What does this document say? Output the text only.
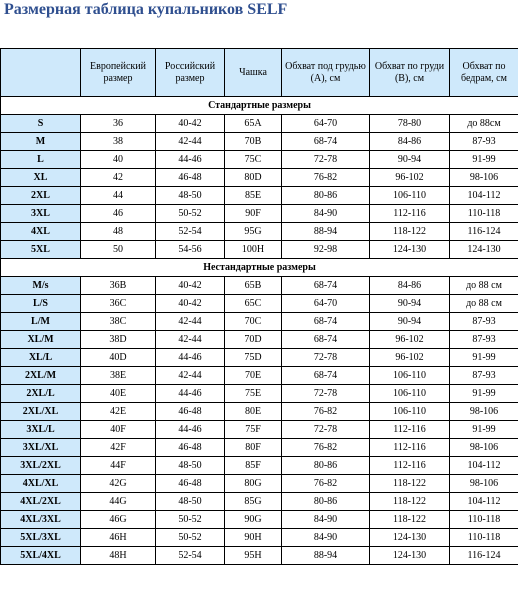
Размерная таблица купальников SELF
	Европейский размер	Российский размер	Чашка	Обхват под грудью (A), см	Обхват по груди (B), см	Обхват по бедрам, см
Стандартные размеры						
S	36	40-42	65A	64-70	78-80	до 88см
M	38	42-44	70B	68-74	84-86	87-93
L	40	44-46	75C	72-78	90-94	91-99
XL	42	46-48	80D	76-82	96-102	98-106
2XL	44	48-50	85E	80-86	106-110	104-112
3XL	46	50-52	90F	84-90	112-116	110-118
4XL	48	52-54	95G	88-94	118-122	116-124
5XL	50	54-56	100H	92-98	124-130	124-130
Нестандартные размеры						
M/s	36B	40-42	65B	68-74	84-86	до 88 см
L/S	36C	40-42	65C	64-70	90-94	до 88 см
L/M	38C	42-44	70C	68-74	90-94	87-93
XL/M	38D	42-44	70D	68-74	96-102	87-93
XL/L	40D	44-46	75D	72-78	96-102	91-99
2XL/M	38E	42-44	70E	68-74	106-110	87-93
2XL/L	40E	44-46	75E	72-78	106-110	91-99
2XL/XL	42E	46-48	80E	76-82	106-110	98-106
3XL/L	40F	44-46	75F	72-78	112-116	91-99
3XL/XL	42F	46-48	80F	76-82	112-116	98-106
3XL/2XL	44F	48-50	85F	80-86	112-116	104-112
4XL/XL	42G	46-48	80G	76-82	118-122	98-106
4XL/2XL	44G	48-50	85G	80-86	118-122	104-112
4XL/3XL	46G	50-52	90G	84-90	118-122	110-118
5XL/3XL	46H	50-52	90H	84-90	124-130	110-118
5XL/4XL	48H	52-54	95H	88-94	124-130	116-124
